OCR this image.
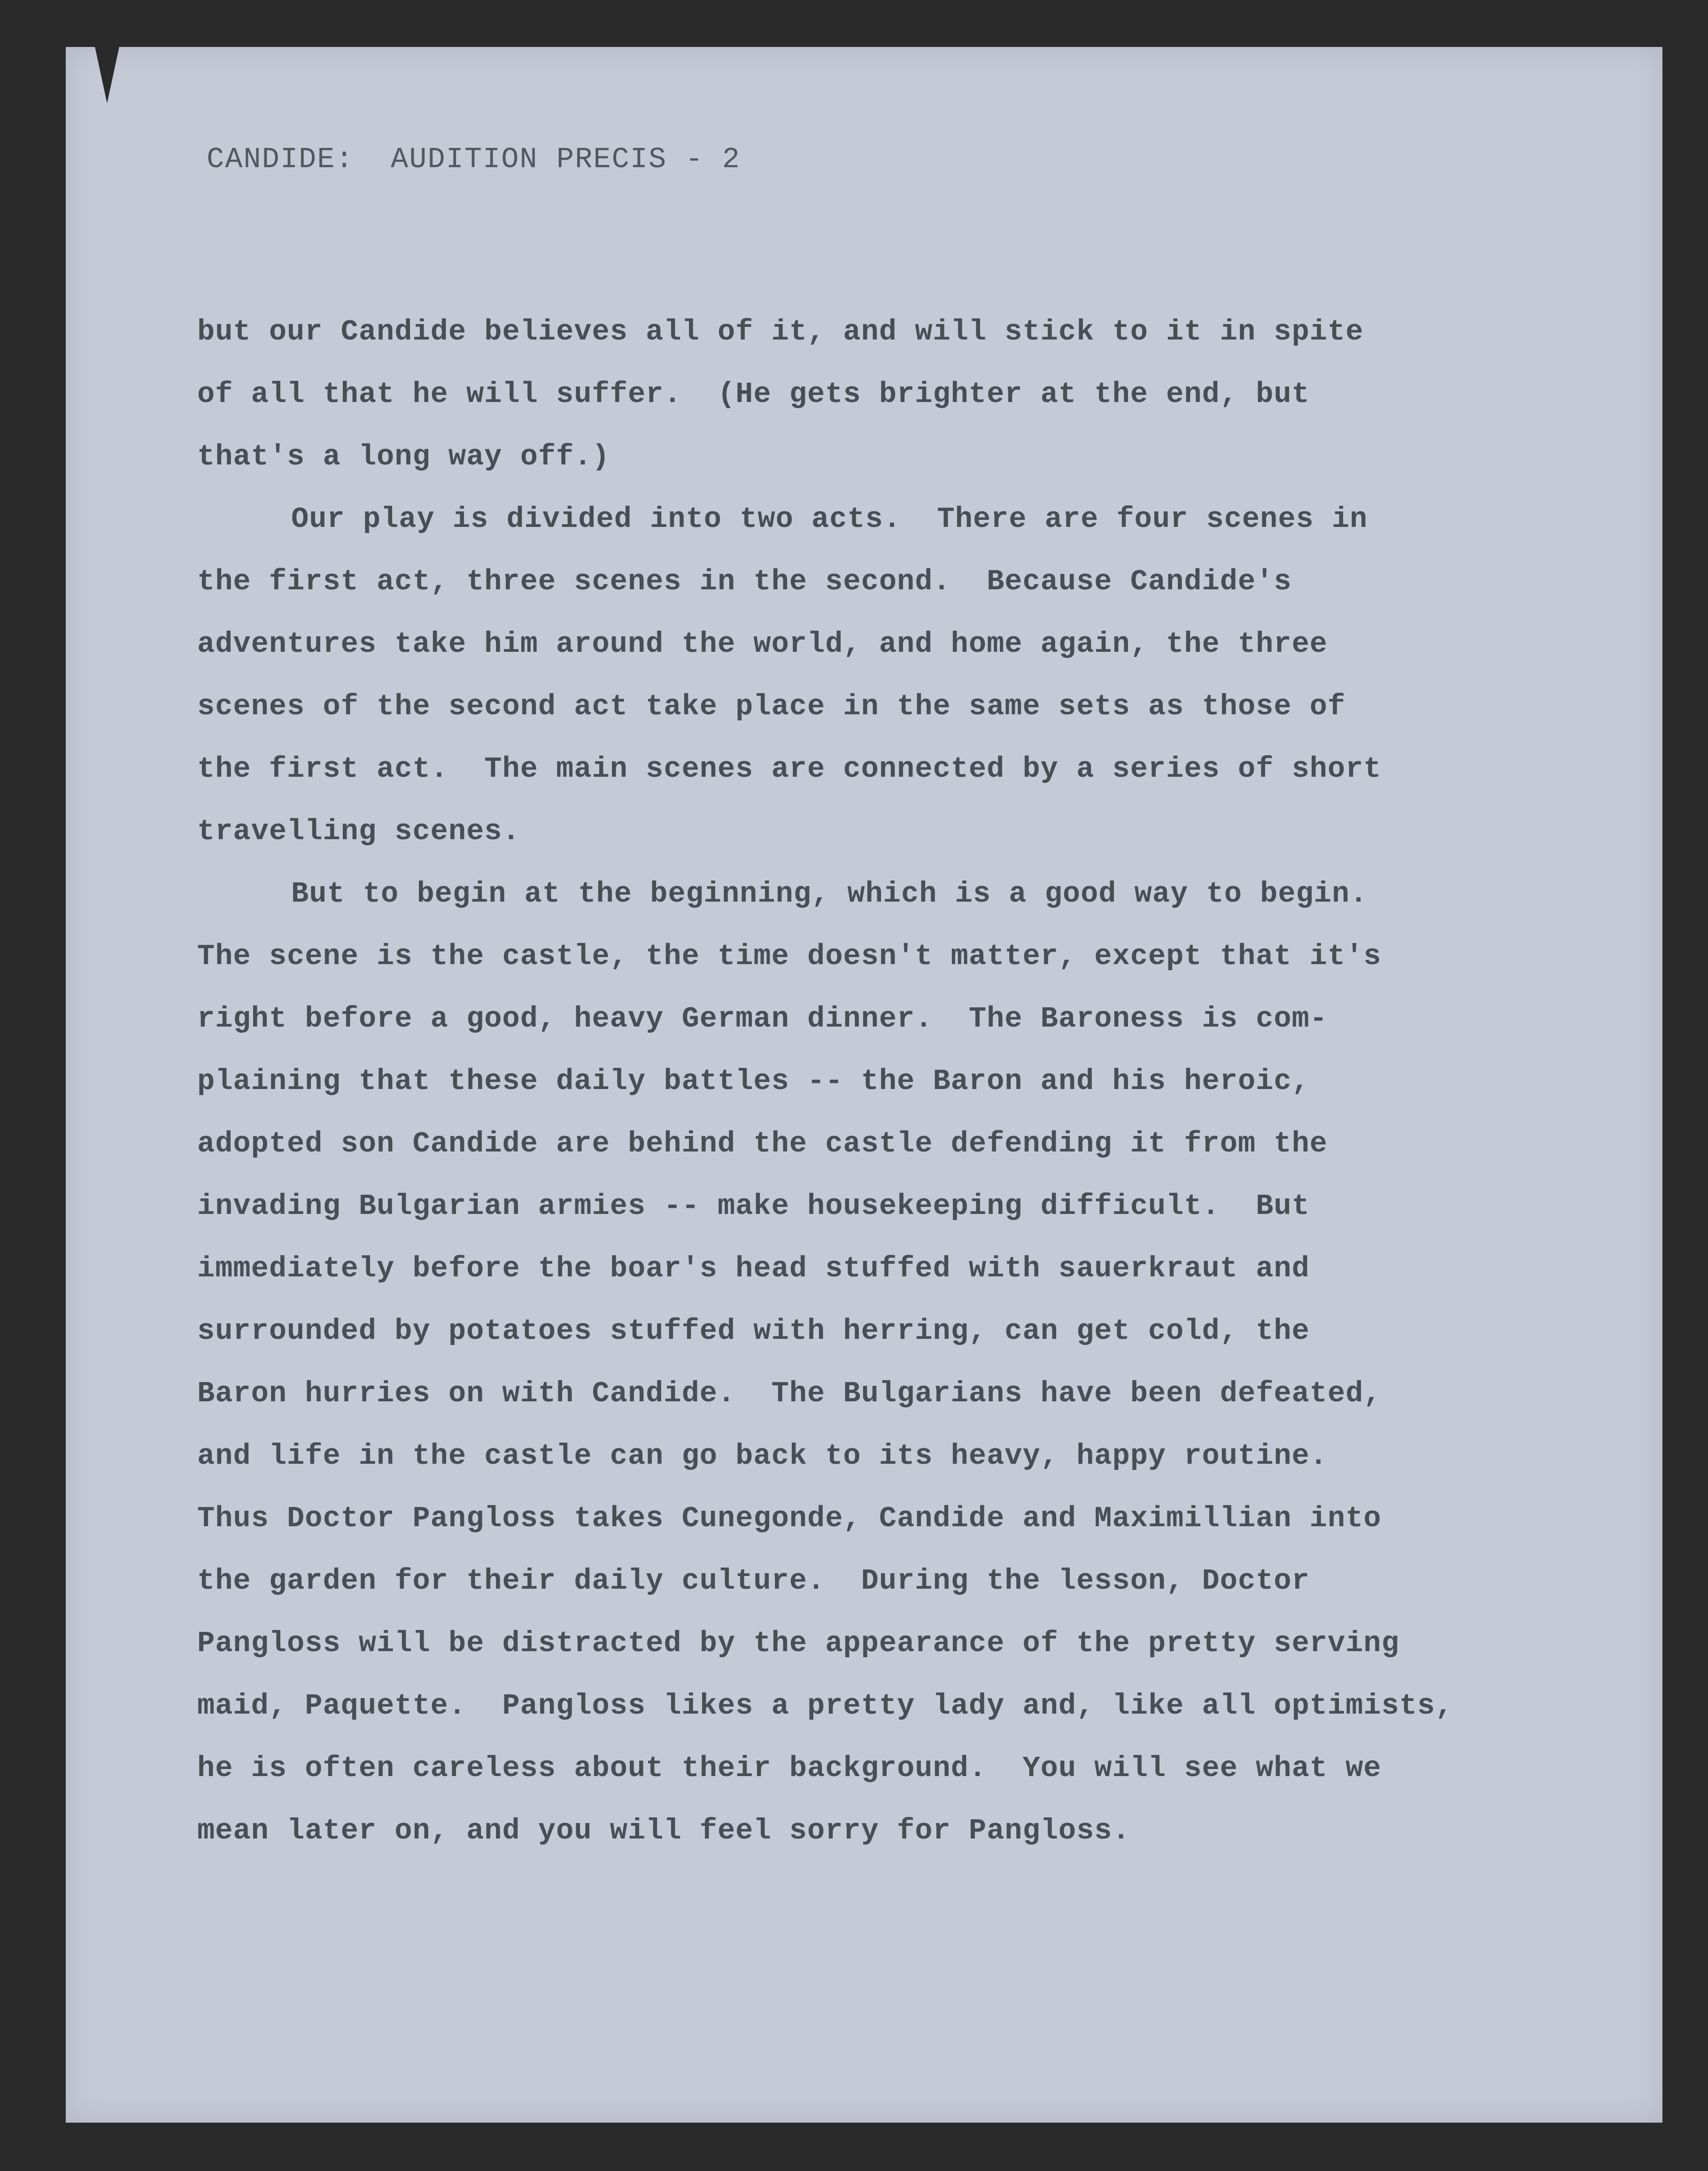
CANDIDE:  AUDITION PRECIS - 2

but our Candide believes all of it, and will stick to it in spite

of all that he will suffer.  (He gets brighter at the end, but

that's a long way off.)

Our play is divided into two acts.  There are four scenes in

the first act, three scenes in the second.  Because Candide's

adventures take him around the world, and home again, the three

scenes of the second act take place in the same sets as those of

the first act.  The main scenes are connected by a series of short

travelling scenes.

But to begin at the beginning, which is a good way to begin.

The scene is the castle, the time doesn't matter, except that it's

right before a good, heavy German dinner.  The Baroness is com-

plaining that these daily battles -- the Baron and his heroic,

adopted son Candide are behind the castle defending it from the

invading Bulgarian armies -- make housekeeping difficult.  But

immediately before the boar's head stuffed with sauerkraut and

surrounded by potatoes stuffed with herring, can get cold, the

Baron hurries on with Candide.  The Bulgarians have been defeated,

and life in the castle can go back to its heavy, happy routine.

Thus Doctor Pangloss takes Cunegonde, Candide and Maximillian into

the garden for their daily culture.  During the lesson, Doctor

Pangloss will be distracted by the appearance of the pretty serving

maid, Paquette.  Pangloss likes a pretty lady and, like all optimists,

he is often careless about their background.  You will see what we

mean later on, and you will feel sorry for Pangloss.
